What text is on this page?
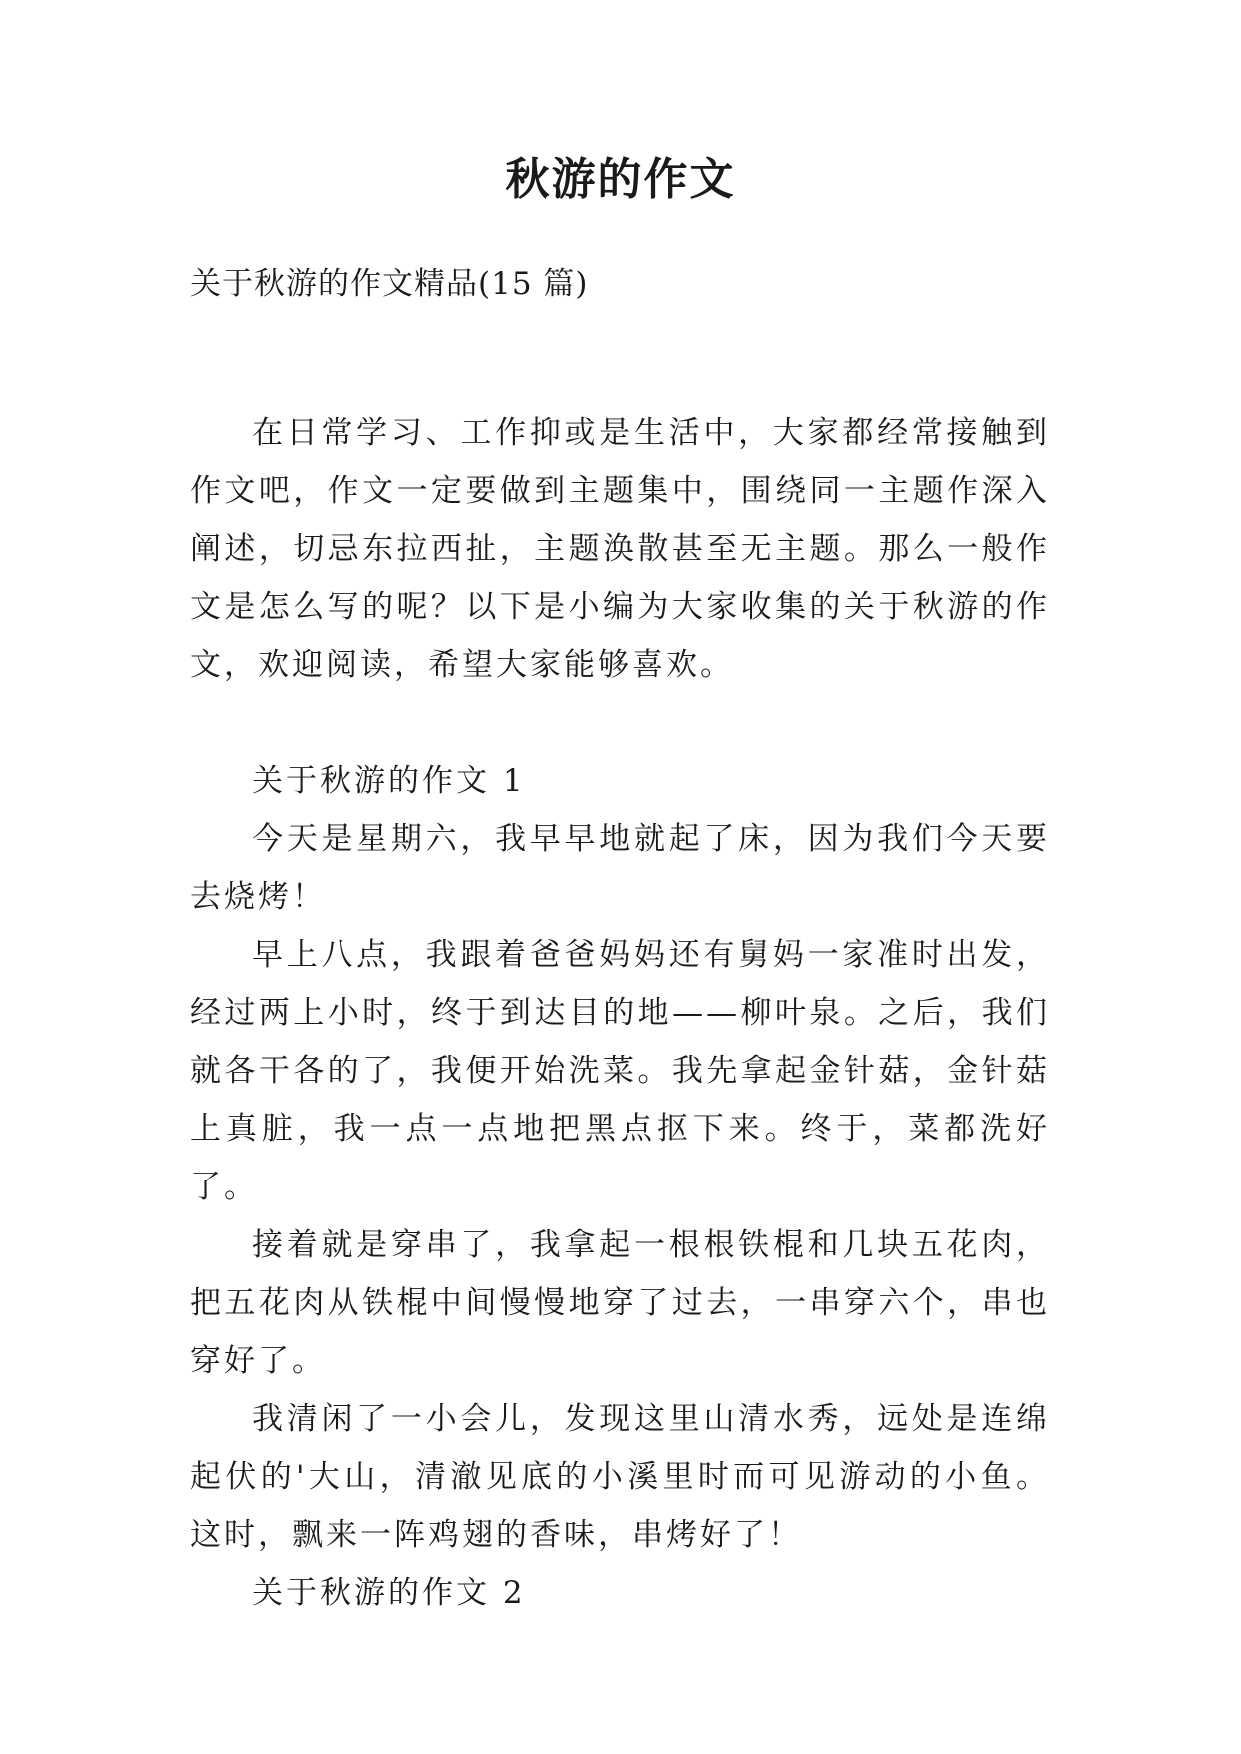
秋游的作文
关于秋游的作文精品(15 篇)

在日常学习、工作抑或是生活中，大家都经常接触到作文吧，作文一定要做到主题集中，围绕同一主题作深入阐述，切忌东拉西扯，主题涣散甚至无主题。那么一般作文是怎么写的呢？以下是小编为大家收集的关于秋游的作文，欢迎阅读，希望大家能够喜欢。

关于秋游的作文 1

今天是星期六，我早早地就起了床，因为我们今天要去烧烤！

早上八点，我跟着爸爸妈妈还有舅妈一家准时出发，经过两上小时，终于到达目的地——柳叶泉。之后，我们就各干各的了，我便开始洗菜。我先拿起金针菇，金针菇上真脏，我一点一点地把黑点抠下来。终于，菜都洗好了。

接着就是穿串了，我拿起一根根铁棍和几块五花肉，把五花肉从铁棍中间慢慢地穿了过去，一串穿六个，串也穿好了。

我清闲了一小会儿，发现这里山清水秀，远处是连绵起伏的'大山，清澈见底的小溪里时而可见游动的小鱼。这时，飘来一阵鸡翅的香味，串烤好了！

关于秋游的作文 2
